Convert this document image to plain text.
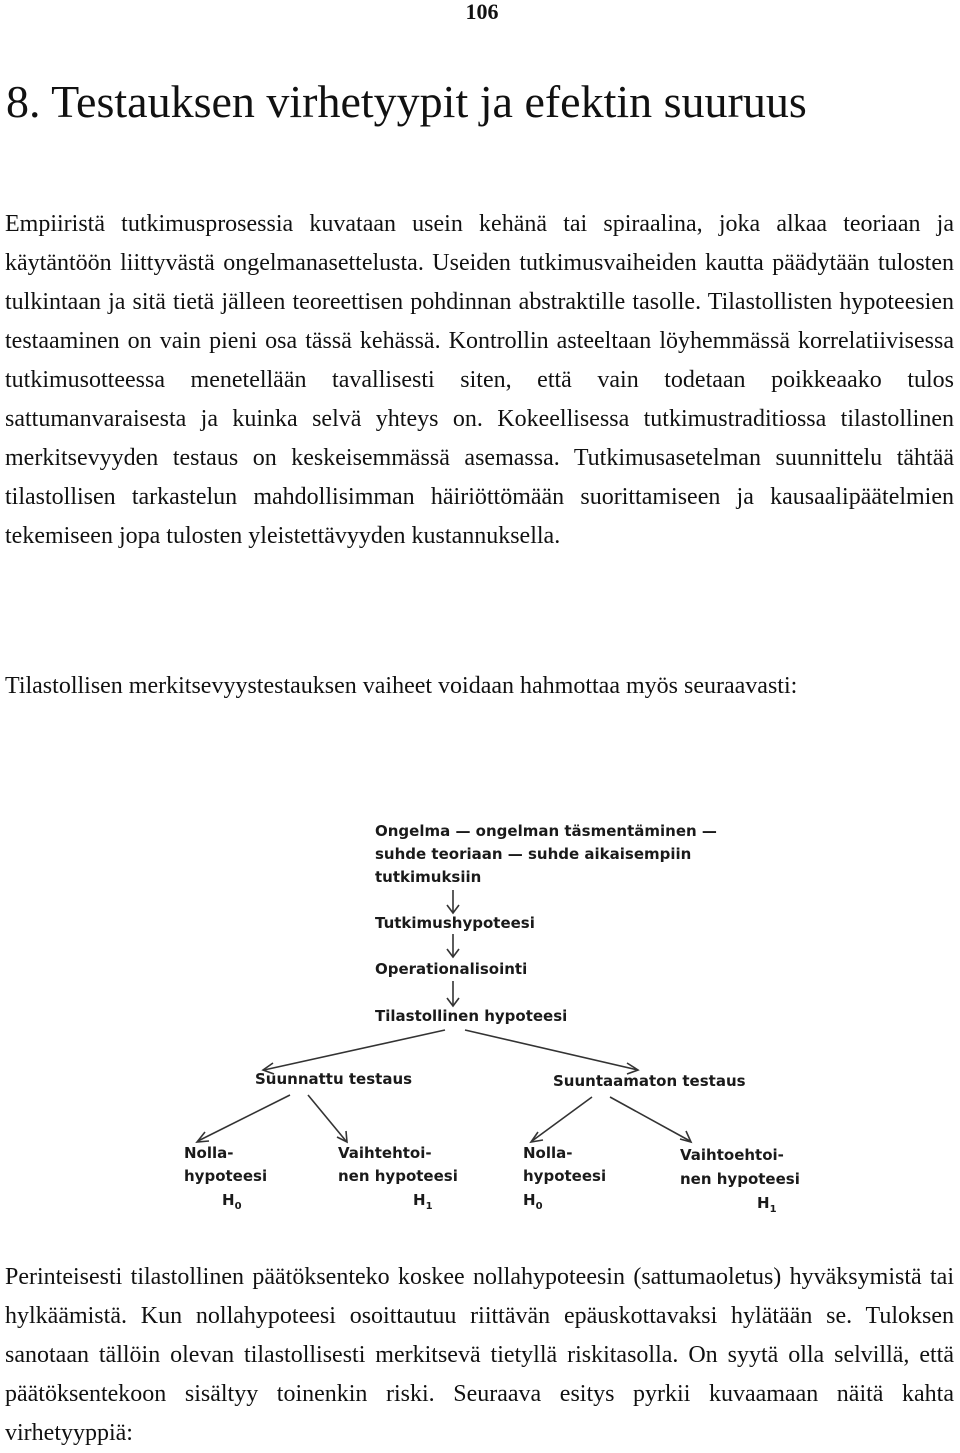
106
8. Testauksen virhetyypit ja efektin suuruus

Empiiristä tutkimusprosessia kuvataan usein kehänä tai spiraalina, joka alkaa teoriaan ja käytäntöön liittyvästä ongelmanasettelusta. Useiden tutkimusvaiheiden kautta päädytään tulosten tulkintaan ja sitä tietä jälleen teoreettisen pohdinnan abstraktille tasolle. Tilastollisten hypoteesien testaaminen on vain pieni osa tässä kehässä. Kontrollin asteeltaan löyhemmässä korrelatiivisessa tutkimusotteessa menetellään tavallisesti siten, että vain todetaan poikkeaako tulos sattumanvaraisesta ja kuinka selvä yhteys on. Kokeellisessa tutkimustraditiossa tilastollinen merkitsevyyden testaus on keskeisemmässä asemassa. Tutkimusasetelman suunnittelu tähtää tilastollisen tarkastelun mahdollisimman häiriöttömään suorittamiseen ja kausaalipäätelmien tekemiseen jopa tulosten yleistettävyyden kustannuksella.

Tilastollisen merkitsevyystestauksen vaiheet voidaan hahmottaa myös seuraavasti:

Ongelma — ongelman täsmentäminen —
suhde teoriaan — suhde aikaisempiin
tutkimuksiin
Tutkimushypoteesi
Operationalisointi
Tilastollinen hypoteesi
Suunnattu testaus	Suuntaamaton testaus
Nolla-
hypoteesi
$H_0$
Vaihtehtoi-
nen hypoteesi
$H_1$
Nolla-
hypoteesi
$H_0$
Vaihtoehtoi-
nen hypoteesi
$H_1$

Perinteisesti tilastollinen päätöksenteko koskee nollahypoteesin (sattumaoletus) hyväksymistä tai hylkäämistä. Kun nollahypoteesi osoittautuu riittävän epäuskottavaksi hylätään se. Tuloksen sanotaan tällöin olevan tilastollisesti merkitsevä tietyllä riskitasolla. On syytä olla selvillä, että päätöksentekoon sisältyy toinenkin riski. Seuraava esitys pyrkii kuvaamaan näitä kahta virhetyyppiä:
